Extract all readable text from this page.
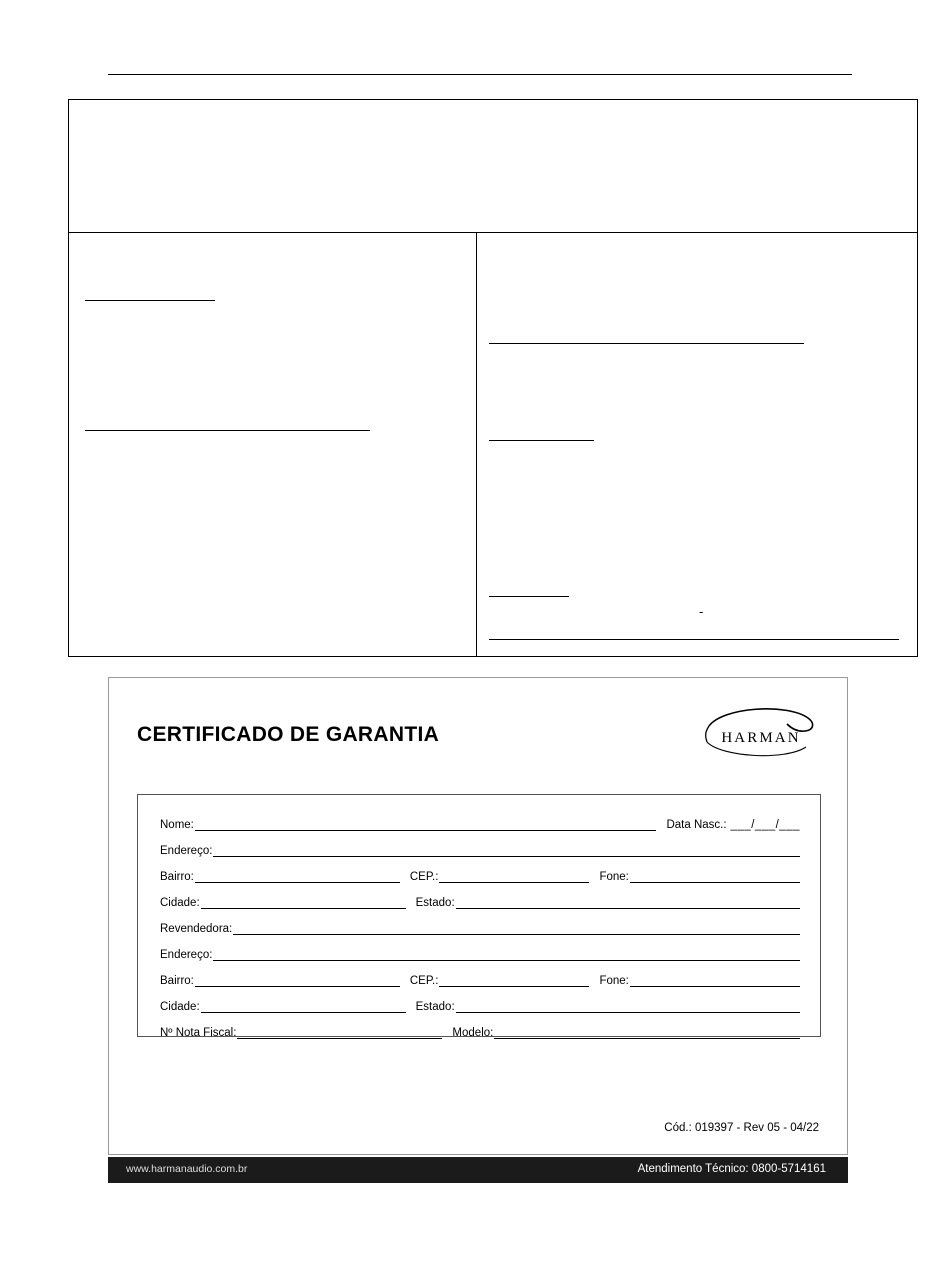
-
CERTIFICADO DE GARANTIA	HARMAN
Nome:	Data Nasc.: ___/___/___
Endereço:
Bairro:	CEP.:	Fone:
Cidade:	Estado:
Revendedora:
Endereço:
Bairro:	CEP.:	Fone:
Cidade:	Estado:
Nº Nota Fiscal:	Modelo:
Cód.: 019397 - Rev 05 - 04/22
www.harmanaudio.com.br	Atendimento Técnico: 0800-5714161
